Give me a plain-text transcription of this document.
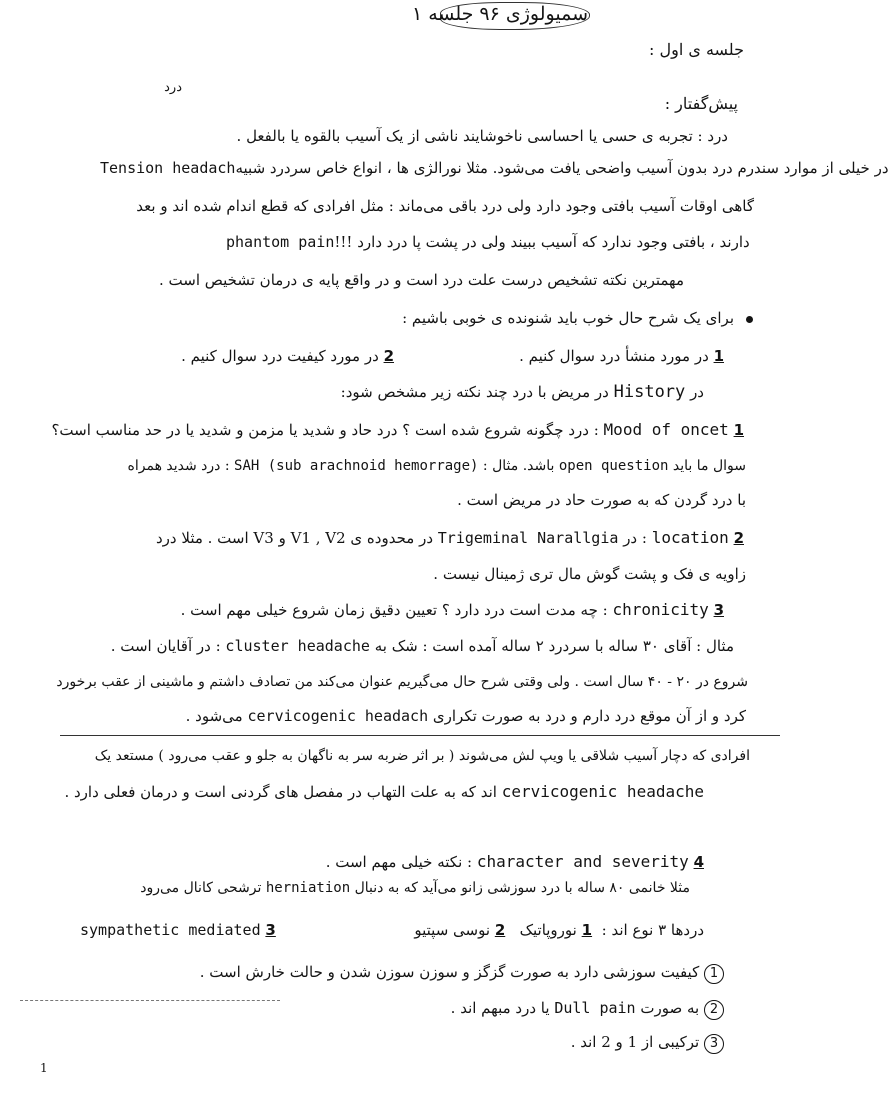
سمیولوژی ۹۶ جلسه ۱
جلسه ی اول :
درد
پیش‌گفتار :
درد : تجربه ی حسی یا احساسی ناخوشایند ناشی از یک آسیب بالقوه یا بالفعل .
Tension headach در خیلی از موارد سندرم درد بدون آسیب واضحی یافت می‌شود. مثلا نورالژی ها ، انواع خاص سردرد شبیه
گاهی اوقات آسیب بافتی وجود دارد ولی درد باقی می‌ماند : مثل افرادی که قطع اندام شده اند و بعد
phantom pain دارند ، بافتی وجود ندارد که آسیب ببیند ولی در پشت پا درد دارد !!!
مهمترین نکته تشخیص درست علت درد است و در واقع پایه ی درمان تشخیص است .
برای یک شرح حال خوب باید شنونده ی خوبی باشیم :
1 در مورد منشأ درد سوال کنیم .
2 در مورد کیفیت درد سوال کنیم .
در History در مریض با درد چند نکته زیر مشخص شود:
1 Mood of oncet : درد چگونه شروع شده است ؟ درد حاد و شدید یا مزمن و شدید یا در حد مناسب است؟
سوال ما باید open question باشد. مثال : SAH (sub arachnoid hemorrage) : درد شدید همراه
با درد گردن که به صورت حاد در مریض است .
2 location : در Trigeminal Narallgia در محدوده ی V1 , V2 و V3 است . مثلا درد
زاویه ی فک و پشت گوش مال تری ژمینال نیست .
3 chronicity : چه مدت است درد دارد ؟ تعیین دقیق زمان شروع خیلی مهم است .
مثال : آقای ۳۰ ساله با سردرد ۲ ساله آمده است : شک به cluster headache : در آقایان است .
شروع در ۲۰ - ۴۰ سال است . ولی وقتی شرح حال می‌گیریم عنوان می‌کند من تصادف داشتم و ماشینی از عقب برخورد
کرد و از آن موقع درد دارم و درد به صورت تکراری cervicogenic headach می‌شود .
افرادی که دچار آسیب شلاقی یا ویپ لش می‌شوند ( بر اثر ضربه سر به ناگهان به جلو و عقب می‌رود ) مستعد یک
cervicogenic headache اند که به علت التهاب در مفصل های گردنی است و درمان فعلی دارد .
4 character and severity : نکته خیلی مهم است .
مثلا خانمی ۸۰ ساله با درد سوزشی زانو می‌آید که به دنبال herniation ترشحی کانال می‌رود
دردها ۳ نوع اند :  1 نوروپاتیک   2 نوسی سپتیو
sympathetic mediated 3
1 کیفیت سوزشی دارد به صورت گزگز و سوزن سوزن شدن و حالت خارش است .
2 به صورت Dull pain یا درد مبهم اند .
3 ترکیبی از 1 و 2 اند .
1
